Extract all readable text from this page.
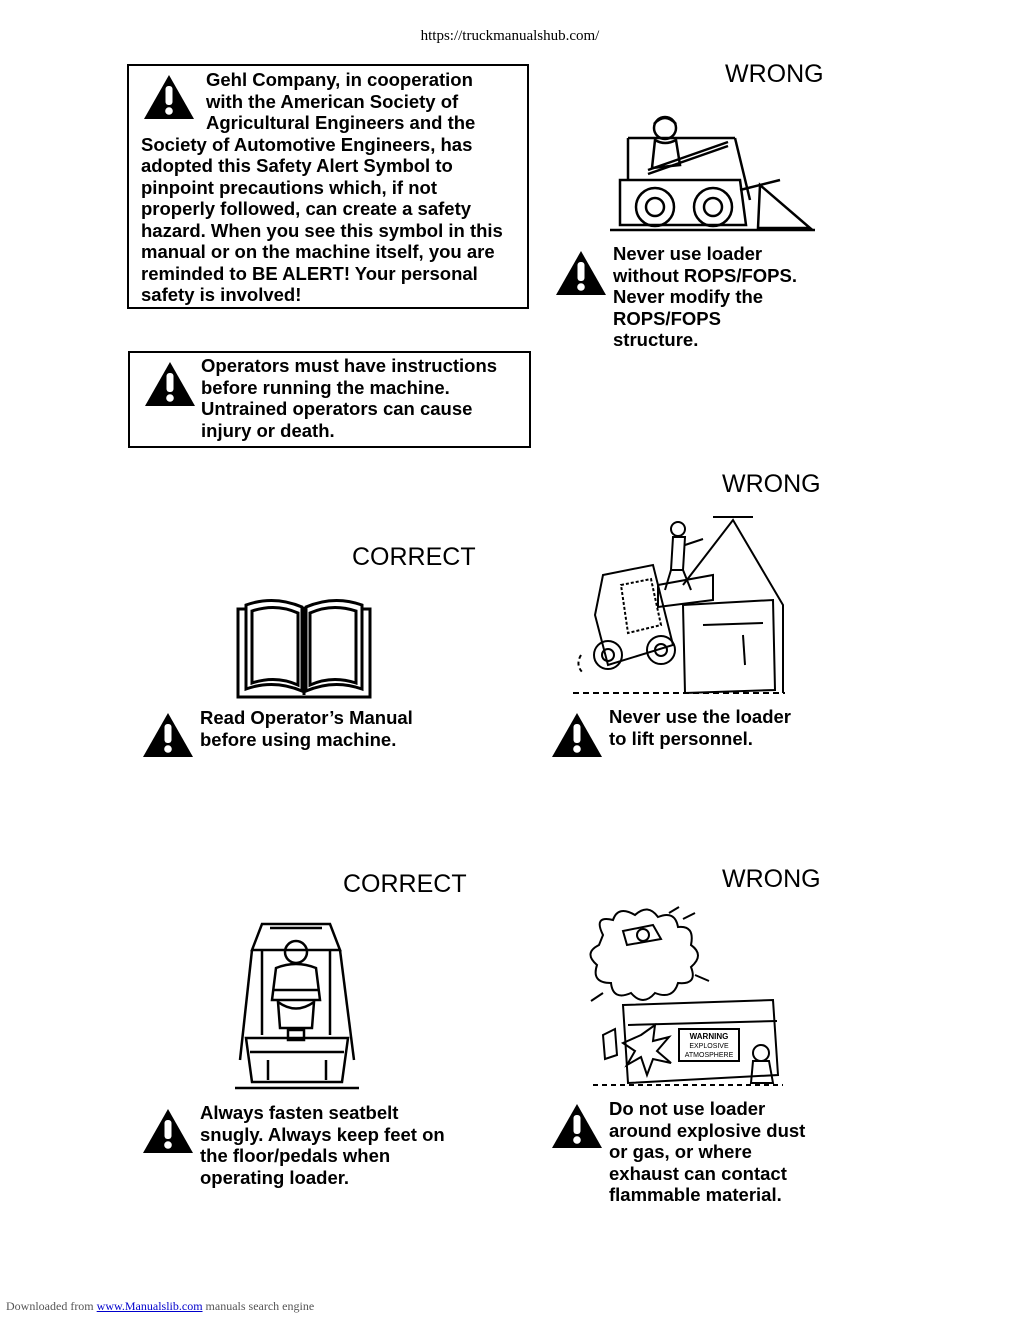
https://truckmanualshub.com/
Gehl Company, in cooperation
with the American Society of
Agricultural Engineers and the
Society of Automotive Engineers, has
adopted this Safety Alert Symbol to
pinpoint precautions which, if not
properly followed, can create a safety
hazard. When you see this symbol in this
manual or on the machine itself, you are
reminded to BE ALERT! Your personal
safety is involved!
Operators must have instructions
before running the machine.
Untrained operators can cause
injury or death.
WRONG
Never use loader
without ROPS/FOPS.
Never modify the
ROPS/FOPS
structure.
WRONG
Never use the loader
to lift personnel.
CORRECT
Read Operator’s Manual
before using machine.
CORRECT
Always fasten seatbelt
snugly. Always keep feet on
the floor/pedals when
operating loader.
WRONG
WARNING
EXPLOSIVE
ATMOSPHERE
Do not use loader
around explosive dust
or gas, or where
exhaust can contact
flammable material.
Downloaded from www.Manualslib.com manuals search engine
